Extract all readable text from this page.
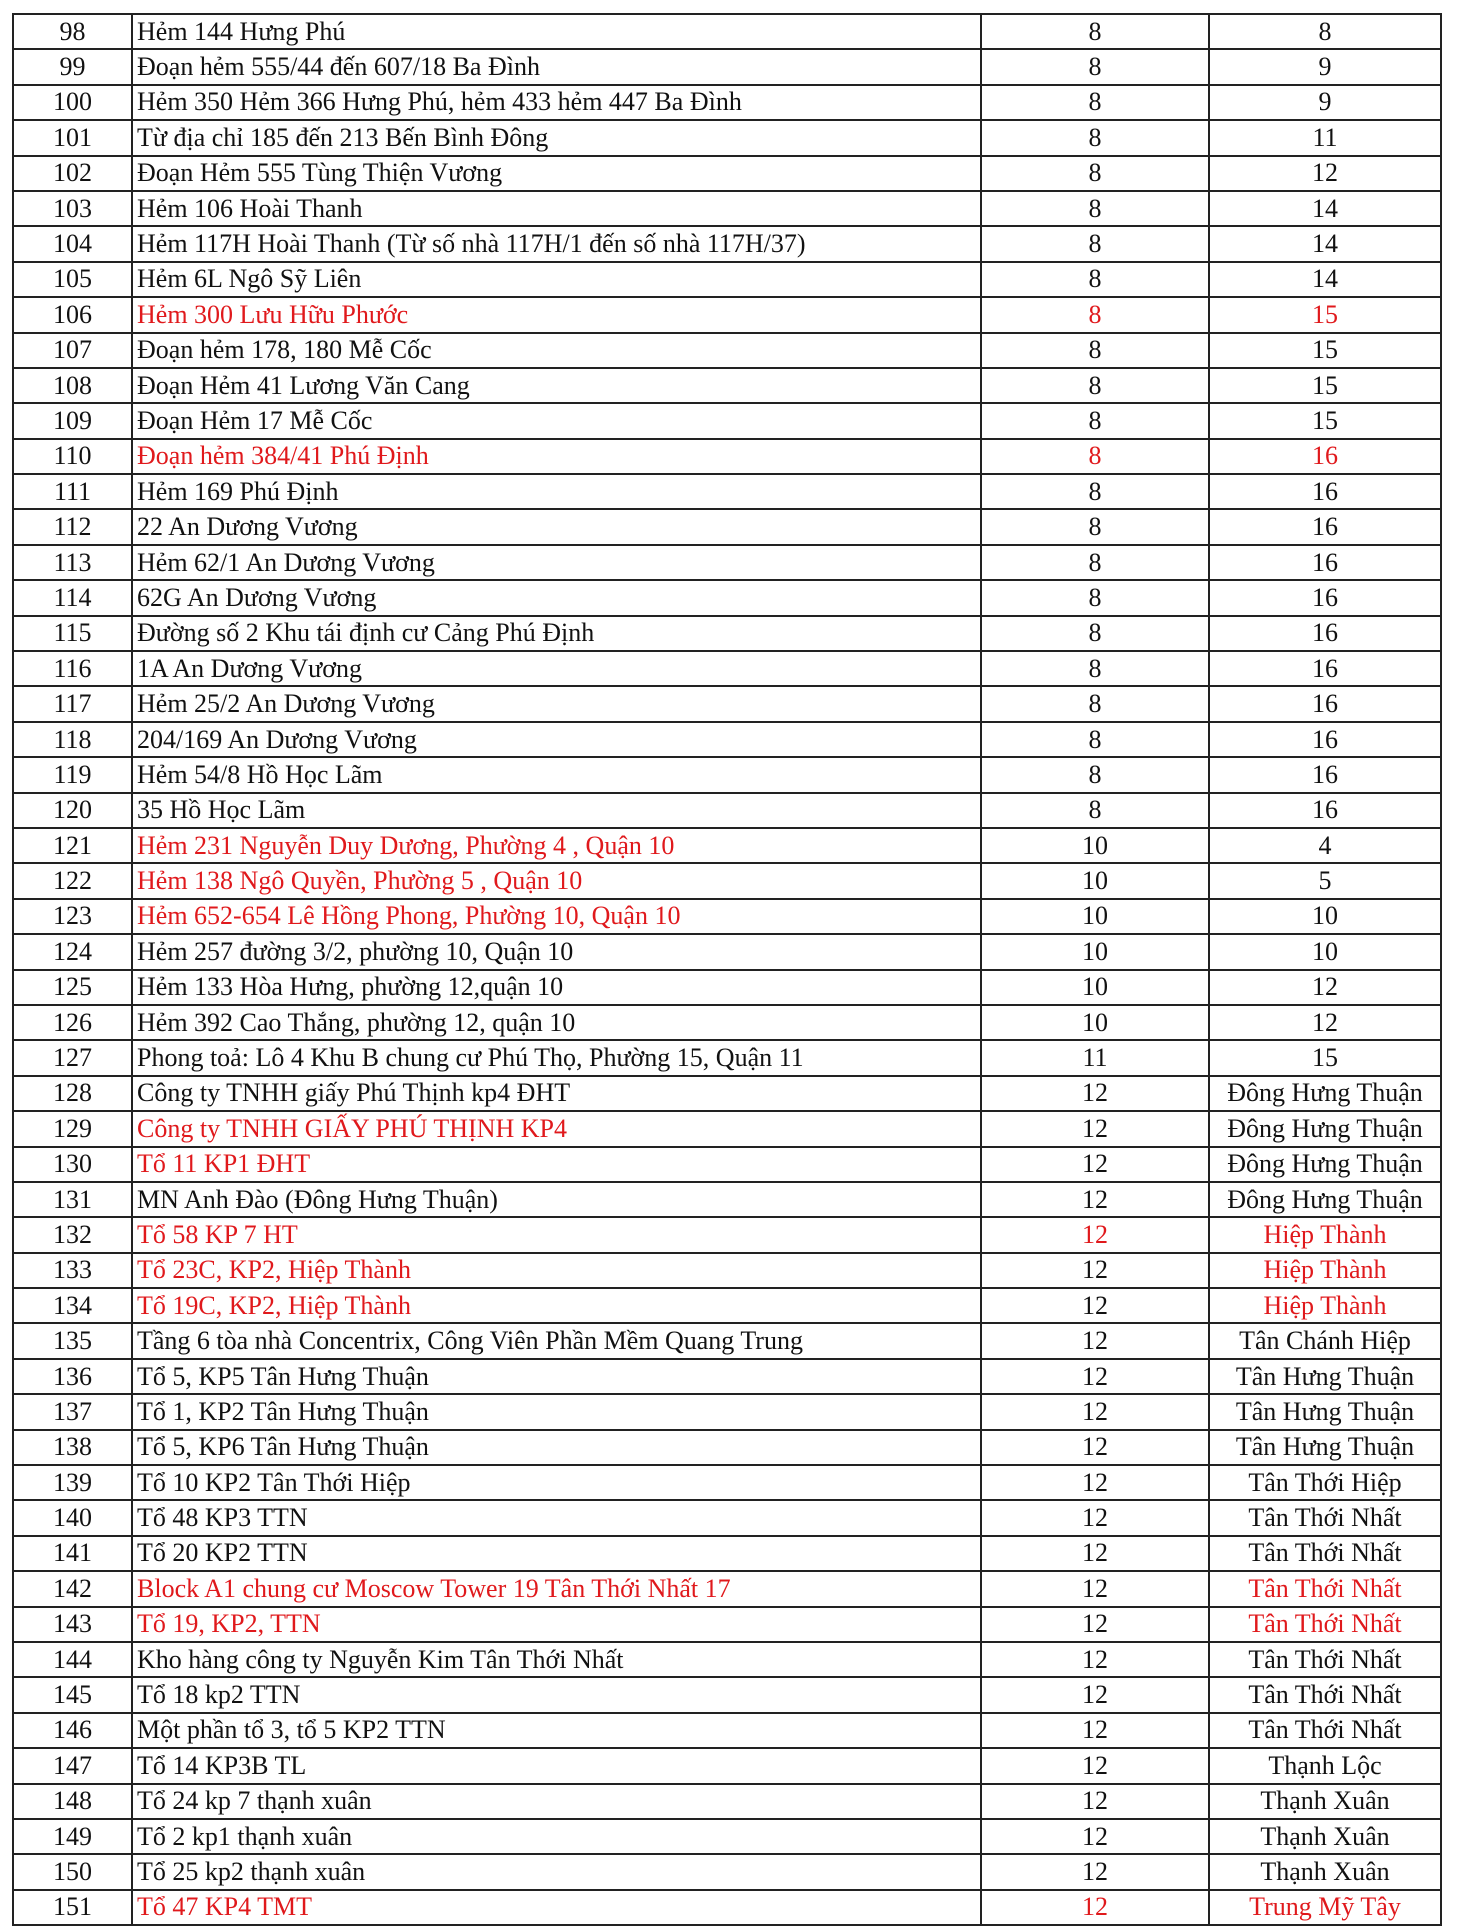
98	Hẻm 144 Hưng Phú	8	8
99	Đoạn hẻm 555/44 đến 607/18 Ba Đình	8	9
100	Hẻm 350 Hẻm 366 Hưng Phú, hẻm 433 hẻm 447 Ba Đình	8	9
101	Từ địa chỉ 185 đến 213 Bến Bình Đông	8	11
102	Đoạn Hẻm 555 Tùng Thiện Vương	8	12
103	Hẻm 106 Hoài Thanh	8	14
104	Hẻm 117H Hoài Thanh (Từ số nhà 117H/1 đến số nhà 117H/37)	8	14
105	Hẻm 6L Ngô Sỹ Liên	8	14
106	Hẻm 300 Lưu Hữu Phước	8	15
107	Đoạn hẻm 178, 180 Mễ Cốc	8	15
108	Đoạn Hẻm 41 Lương Văn Cang	8	15
109	Đoạn Hẻm 17 Mễ Cốc	8	15
110	Đoạn hẻm 384/41 Phú Định	8	16
111	Hẻm 169 Phú Định	8	16
112	22 An Dương Vương	8	16
113	Hẻm 62/1 An Dương Vương	8	16
114	62G An Dương Vương	8	16
115	Đường số 2 Khu tái định cư Cảng Phú Định	8	16
116	1A An Dương Vương	8	16
117	Hẻm 25/2 An Dương Vương	8	16
118	204/169 An Dương Vương	8	16
119	Hẻm 54/8 Hồ Học Lãm	8	16
120	35 Hồ Học Lãm	8	16
121	Hẻm 231 Nguyễn Duy Dương, Phường 4 , Quận 10	10	4
122	Hẻm 138 Ngô Quyền, Phường 5 , Quận 10	10	5
123	Hẻm 652-654 Lê Hồng Phong, Phường 10, Quận 10	10	10
124	Hẻm 257 đường 3/2, phường 10, Quận 10	10	10
125	Hẻm 133 Hòa Hưng, phường 12,quận 10	10	12
126	Hẻm 392 Cao Thắng, phường 12, quận 10	10	12
127	Phong toả: Lô 4 Khu B chung cư Phú Thọ, Phường 15, Quận 11	11	15
128	Công ty TNHH giấy Phú Thịnh kp4 ĐHT	12	Đông Hưng Thuận
129	Công ty TNHH GIẤY PHÚ THỊNH KP4	12	Đông Hưng Thuận
130	Tổ 11 KP1 ĐHT	12	Đông Hưng Thuận
131	MN Anh Đào (Đông Hưng Thuận)	12	Đông Hưng Thuận
132	Tổ 58 KP 7 HT	12	Hiệp Thành
133	Tổ 23C, KP2, Hiệp Thành	12	Hiệp Thành
134	Tổ 19C, KP2, Hiệp Thành	12	Hiệp Thành
135	Tầng 6 tòa nhà Concentrix, Công Viên Phần Mềm Quang Trung	12	Tân Chánh Hiệp
136	Tổ 5, KP5 Tân Hưng Thuận	12	Tân Hưng Thuận
137	Tổ 1, KP2 Tân Hưng Thuận	12	Tân Hưng Thuận
138	Tổ 5, KP6 Tân Hưng Thuận	12	Tân Hưng Thuận
139	Tổ 10 KP2 Tân Thới Hiệp	12	Tân Thới Hiệp
140	Tổ 48 KP3 TTN	12	Tân Thới Nhất
141	Tổ 20 KP2 TTN	12	Tân Thới Nhất
142	Block A1 chung cư Moscow Tower 19 Tân Thới Nhất 17	12	Tân Thới Nhất
143	Tổ 19, KP2, TTN	12	Tân Thới Nhất
144	Kho hàng công ty Nguyễn Kim Tân Thới Nhất	12	Tân Thới Nhất
145	Tổ 18 kp2 TTN	12	Tân Thới Nhất
146	Một phần tổ 3, tổ 5 KP2 TTN	12	Tân Thới Nhất
147	Tổ 14 KP3B TL	12	Thạnh Lộc
148	Tổ 24 kp 7 thạnh xuân	12	Thạnh Xuân
149	Tổ 2 kp1 thạnh xuân	12	Thạnh Xuân
150	Tổ 25 kp2 thạnh xuân	12	Thạnh Xuân
151	Tổ 47 KP4 TMT	12	Trung Mỹ Tây
